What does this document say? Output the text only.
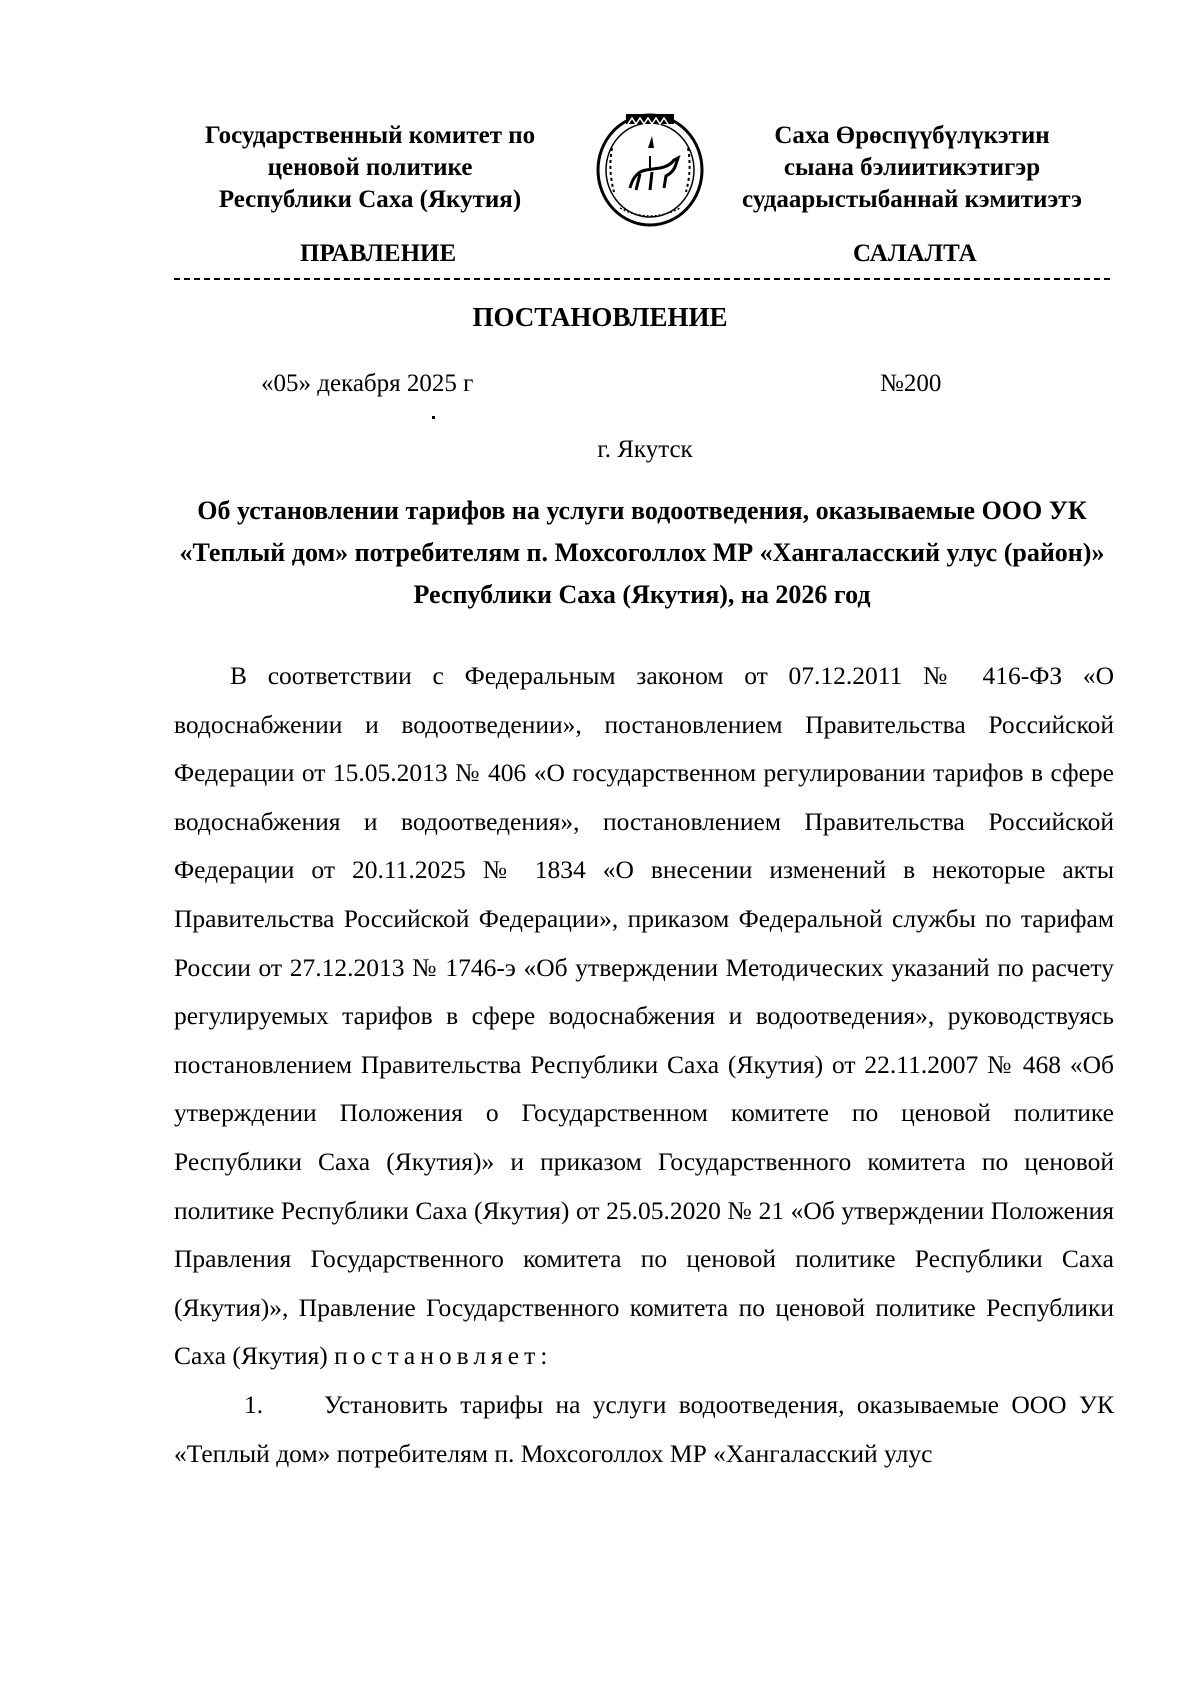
Государственный комитет по
ценовой политике
Республики Саха (Якутия)
Саха Өрөспүүбүлүкэтин
сыана бэлиитикэтигэр
судаарыстыбаннай кэмитиэтэ
ПРАВЛЕНИЕ	САЛАЛТА
ПОСТАНОВЛЕНИЕ
«05» декабря 2025 г	№200
г. Якутск
Об установлении тарифов на услуги водоотведения, оказываемые ООО УК «Теплый дом» потребителям п. Мохсоголлох МР «Хангаласский улус (район)» Республики Саха (Якутия), на 2026 год

В соответствии с Федеральным законом от 07.12.2011 № 416-ФЗ «О водоснабжении и водоотведении», постановлением Правительства Российской Федерации от 15.05.2013 № 406 «О государственном регулировании тарифов в сфере водоснабжения и водоотведения», постановлением Правительства Российской Федерации от 20.11.2025 № 1834 «О внесении изменений в некоторые акты Правительства Российской Федерации», приказом Федеральной службы по тарифам России от 27.12.2013 № 1746-э «Об утверждении Методических указаний по расчету регулируемых тарифов в сфере водоснабжения и водоотведения», руководствуясь постановлением Правительства Республики Саха (Якутия) от 22.11.2007 № 468 «Об утверждении Положения о Государственном комитете по ценовой политике Республики Саха (Якутия)» и приказом Государственного комитета по ценовой политике Республики Саха (Якутия) от 25.05.2020 № 21 «Об утверждении Положения Правления Государственного комитета по ценовой политике Республики Саха (Якутия)», Правление Государственного комитета по ценовой политике Республики Саха (Якутия) постановляет:

1. Установить тарифы на услуги водоотведения, оказываемые ООО УК «Теплый дом» потребителям п. Мохсоголлох МР «Хангаласский улус
